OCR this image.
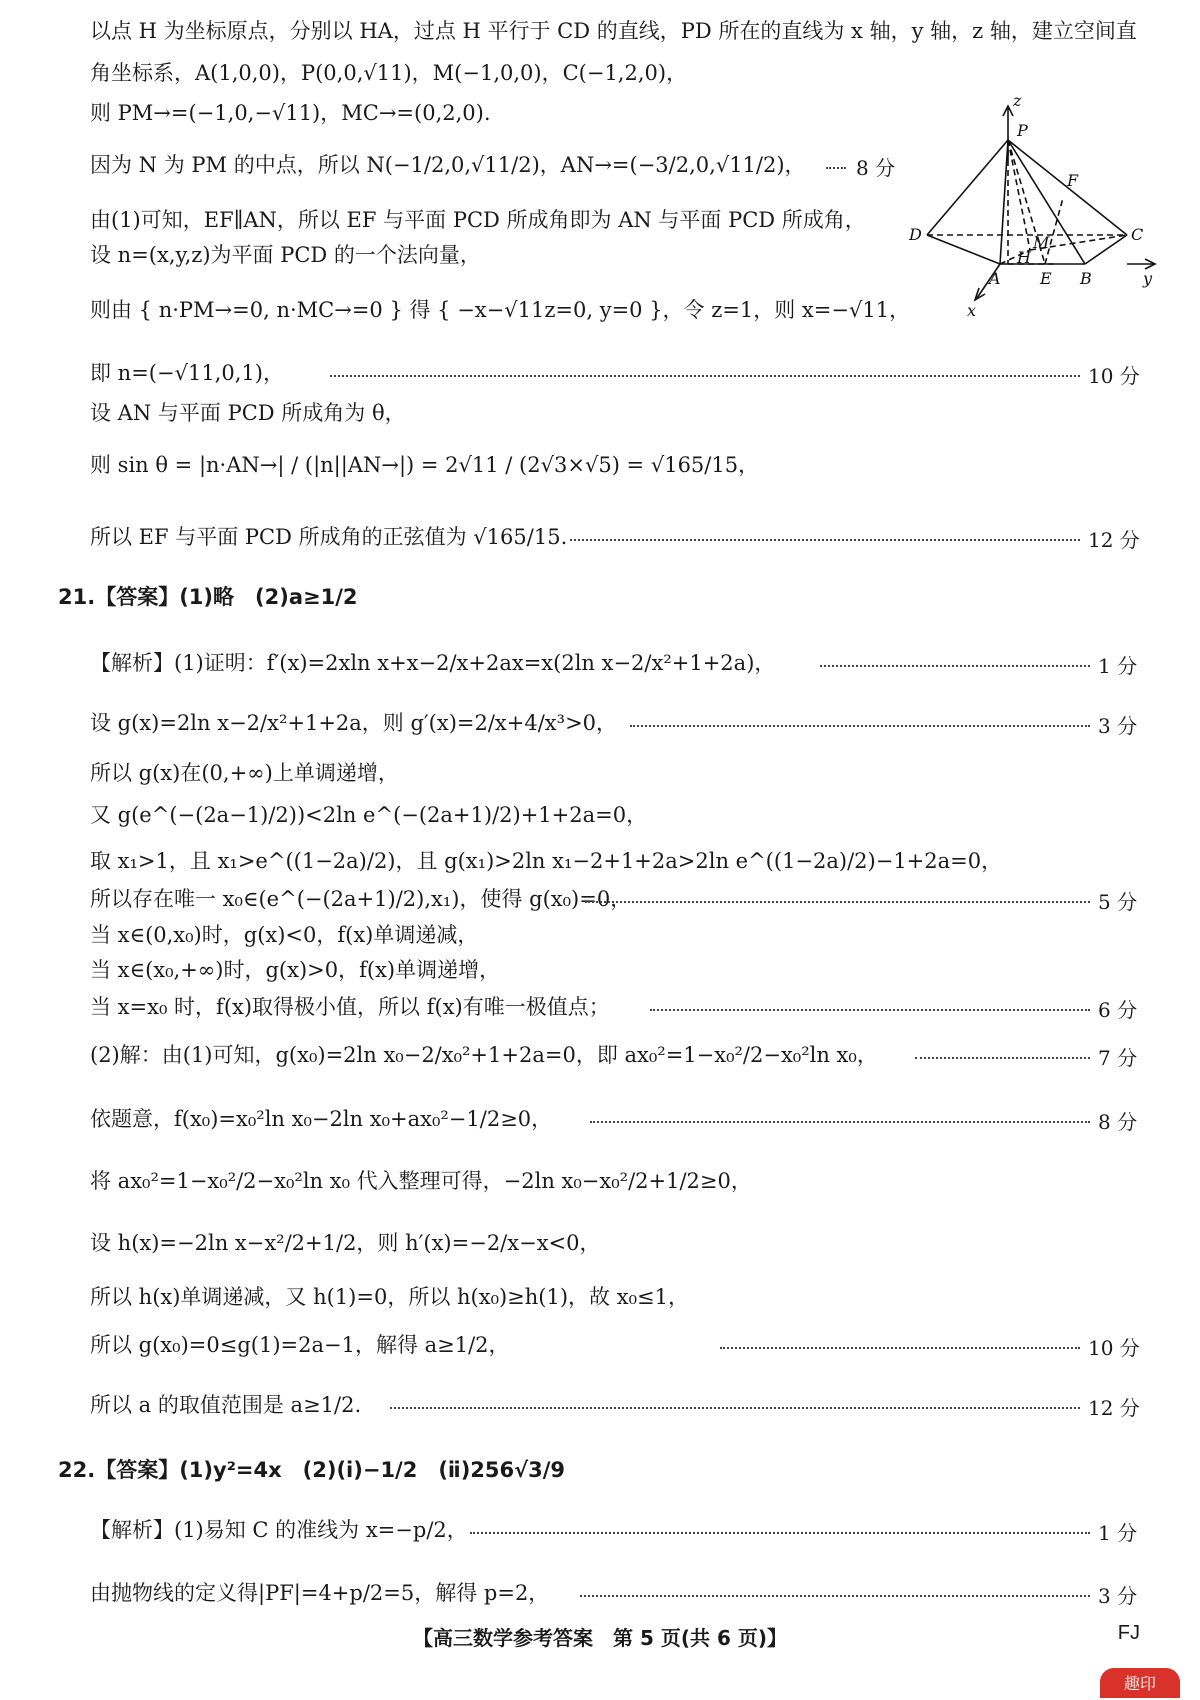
以点 H 为坐标原点，分别以 HA，过点 H 平行于 CD 的直线，PD 所在的直线为 x 轴，y 轴，z 轴，建立空间直
角坐标系，A(1,0,0)，P(0,0,√11)，M(−1,0,0)，C(−1,2,0)，
则 PM→=(−1,0,−√11)，MC→=(0,2,0).
因为 N 为 PM 的中点，所以 N(−1/2,0,√11/2)，AN→=(−3/2,0,√11/2)，
由(1)可知，EF∥AN，所以 EF 与平面 PCD 所成角即为 AN 与平面 PCD 所成角，
设 n=(x,y,z)为平面 PCD 的一个法向量，
则由 { n·PM→=0, n·MC→=0 } 得 { −x−√11z=0, y=0 }，令 z=1，则 x=−√11，
即 n=(−√11,0,1)，
设 AN 与平面 PCD 所成角为 θ，
则 sin θ = |n·AN→| / (|n||AN→|) = 2√11 / (2√3×√5) = √165/15，
所以 EF 与平面 PCD 所成角的正弦值为 √165/15.
21.【答案】(1)略　(2)a≥1/2
【解析】(1)证明：f′(x)=2xln x+x−2/x+2ax=x(2ln x−2/x²+1+2a)，
设 g(x)=2ln x−2/x²+1+2a，则 g′(x)=2/x+4/x³>0，
所以 g(x)在(0,+∞)上单调递增，
又 g(e^(−(2a−1)/2))<2ln e^(−(2a+1)/2)+1+2a=0，
取 x₁>1，且 x₁>e^((1−2a)/2)，且 g(x₁)>2ln x₁−2+1+2a>2ln e^((1−2a)/2)−1+2a=0，
所以存在唯一 x₀∈(e^(−(2a+1)/2),x₁)，使得 g(x₀)=0，
当 x∈(0,x₀)时，g(x)<0，f(x)单调递减，
当 x∈(x₀,+∞)时，g(x)>0，f(x)单调递增，
当 x=x₀ 时，f(x)取得极小值，所以 f(x)有唯一极值点；
(2)解：由(1)可知，g(x₀)=2ln x₀−2/x₀²+1+2a=0，即 ax₀²=1−x₀²/2−x₀²ln x₀，
依题意，f(x₀)=x₀²ln x₀−2ln x₀+ax₀²−1/2≥0，
将 ax₀²=1−x₀²/2−x₀²ln x₀ 代入整理可得，−2ln x₀−x₀²/2+1/2≥0，
设 h(x)=−2ln x−x²/2+1/2，则 h′(x)=−2/x−x<0，
所以 h(x)单调递减，又 h(1)=0，所以 h(x₀)≥h(1)，故 x₀≤1，
所以 g(x₀)=0≤g(1)=2a−1，解得 a≥1/2，
所以 a 的取值范围是 a≥1/2.
22.【答案】(1)y²=4x　(2)(ⅰ)−1/2　(ⅱ)256√3/9
【解析】(1)易知 C 的准线为 x=−p/2，
由抛物线的定义得|PF|=4+p/2=5，解得 p=2，
8 分
10 分
12 分
1 分
3 分
5 分
6 分
7 分
8 分
10 分
12 分
1 分
3 分
z
P
F
D	C
M
H
A E B	y
x
【高三数学参考答案　第 5 页(共 6 页)】	FJ
趣印
